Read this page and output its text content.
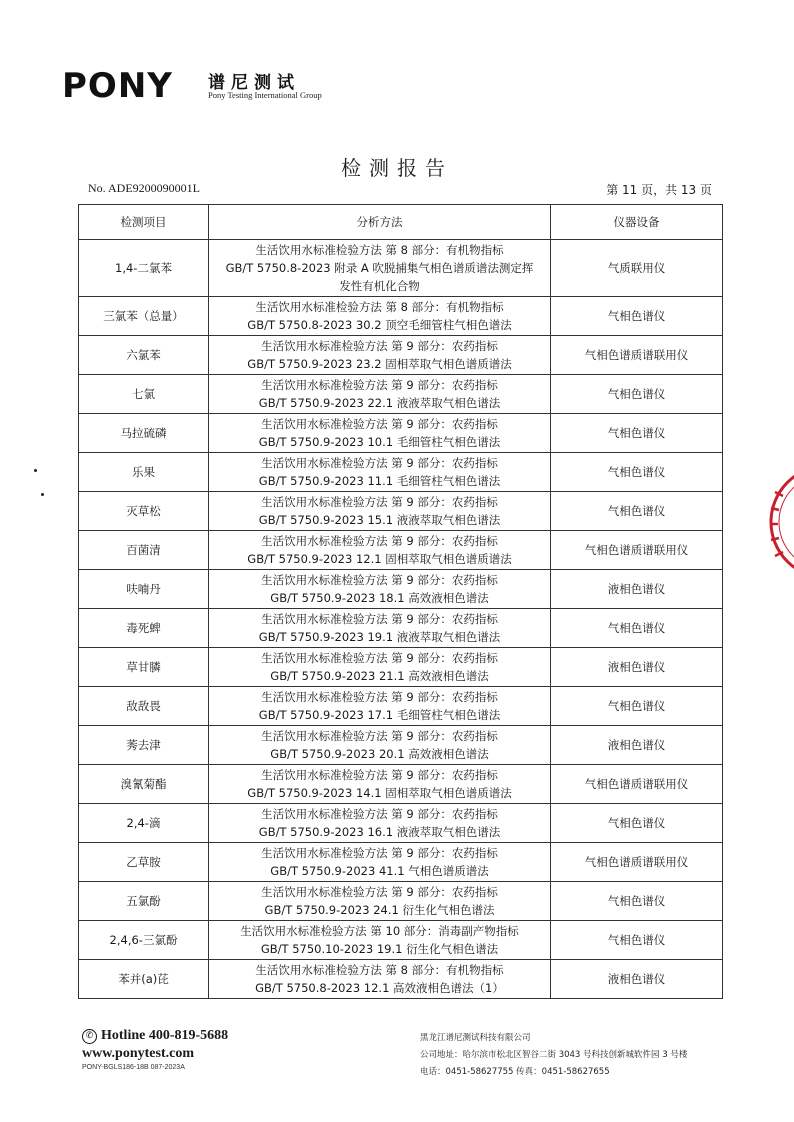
PONY 谱尼测试
Pony Testing International Group
检测报告
No. ADE9200090001L	第 11 页，共 13 页
检测项目	分析方法	仪器设备
1,4-二氯苯	生活饮用水标准检验方法 第 8 部分：有机物指标
GB/T 5750.8-2023 附录 A 吹脱捕集气相色谱质谱法测定挥
发性有机化合物	气质联用仪
三氯苯（总量）	生活饮用水标准检验方法 第 8 部分：有机物指标
GB/T 5750.8-2023 30.2 顶空毛细管柱气相色谱法	气相色谱仪
六氯苯	生活饮用水标准检验方法 第 9 部分：农药指标
GB/T 5750.9-2023 23.2 固相萃取气相色谱质谱法	气相色谱质谱联用仪
七氯	生活饮用水标准检验方法 第 9 部分：农药指标
GB/T 5750.9-2023 22.1 液液萃取气相色谱法	气相色谱仪
马拉硫磷	生活饮用水标准检验方法 第 9 部分：农药指标
GB/T 5750.9-2023 10.1 毛细管柱气相色谱法	气相色谱仪
乐果	生活饮用水标准检验方法 第 9 部分：农药指标
GB/T 5750.9-2023 11.1 毛细管柱气相色谱法	气相色谱仪
灭草松	生活饮用水标准检验方法 第 9 部分：农药指标
GB/T 5750.9-2023 15.1 液液萃取气相色谱法	气相色谱仪
百菌清	生活饮用水标准检验方法 第 9 部分：农药指标
GB/T 5750.9-2023 12.1 固相萃取气相色谱质谱法	气相色谱质谱联用仪
呋喃丹	生活饮用水标准检验方法 第 9 部分：农药指标
GB/T 5750.9-2023 18.1 高效液相色谱法	液相色谱仪
毒死蜱	生活饮用水标准检验方法 第 9 部分：农药指标
GB/T 5750.9-2023 19.1 液液萃取气相色谱法	气相色谱仪
草甘膦	生活饮用水标准检验方法 第 9 部分：农药指标
GB/T 5750.9-2023 21.1 高效液相色谱法	液相色谱仪
敌敌畏	生活饮用水标准检验方法 第 9 部分：农药指标
GB/T 5750.9-2023 17.1 毛细管柱气相色谱法	气相色谱仪
莠去津	生活饮用水标准检验方法 第 9 部分：农药指标
GB/T 5750.9-2023 20.1 高效液相色谱法	液相色谱仪
溴氰菊酯	生活饮用水标准检验方法 第 9 部分：农药指标
GB/T 5750.9-2023 14.1 固相萃取气相色谱质谱法	气相色谱质谱联用仪
2,4-滴	生活饮用水标准检验方法 第 9 部分：农药指标
GB/T 5750.9-2023 16.1 液液萃取气相色谱法	气相色谱仪
乙草胺	生活饮用水标准检验方法 第 9 部分：农药指标
GB/T 5750.9-2023 41.1 气相色谱质谱法	气相色谱质谱联用仪
五氯酚	生活饮用水标准检验方法 第 9 部分：农药指标
GB/T 5750.9-2023 24.1 衍生化气相色谱法	气相色谱仪
2,4,6-三氯酚	生活饮用水标准检验方法 第 10 部分：消毒副产物指标
GB/T 5750.10-2023 19.1 衍生化气相色谱法	气相色谱仪
苯并(a)芘	生活饮用水标准检验方法 第 8 部分：有机物指标
GB/T 5750.8-2023 12.1 高效液相色谱法（1）	液相色谱仪
✆ Hotline 400-819-5688
www.ponytest.com
PONY-BGLS186-18B 087-2023A
黑龙江谱尼测试科技有限公司
公司地址：哈尔滨市松北区智谷二街 3043 号科技创新城软件园 3 号楼
电话：0451-58627755 传真：0451-58627655
